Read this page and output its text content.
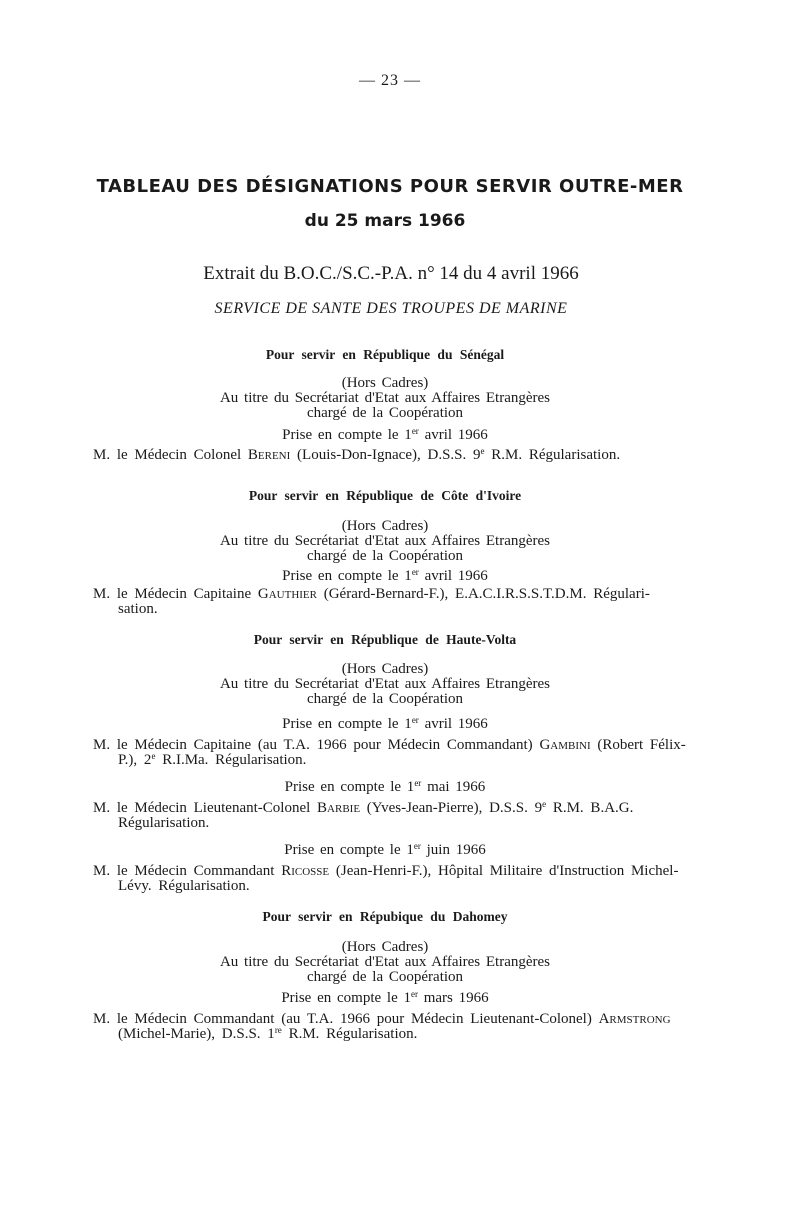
— 23 —
TABLEAU DES DÉSIGNATIONS POUR SERVIR OUTRE-MER
du 25 mars 1966
Extrait du B.O.C./S.C.-P.A. n° 14 du 4 avril 1966
SERVICE DE SANTE DES TROUPES DE MARINE

Pour servir en République du Sénégal

(Hors Cadres)

Au titre du Secrétariat d'Etat aux Affaires Etrangères

chargé de la Coopération

Prise en compte le 1er avril 1966

M. le Médecin Colonel Bereni (Louis-Don-Ignace), D.S.S. 9e R.M. Régularisation.

Pour servir en République de Côte d'Ivoire

(Hors Cadres)

Au titre du Secrétariat d'Etat aux Affaires Etrangères

chargé de la Coopération

Prise en compte le 1er avril 1966

M. le Médecin Capitaine Gauthier (Gérard-Bernard-F.), E.A.C.I.R.S.S.T.D.M. Régulari-sation.

Pour servir en République de Haute-Volta

(Hors Cadres)

Au titre du Secrétariat d'Etat aux Affaires Etrangères

chargé de la Coopération

Prise en compte le 1er avril 1966

M. le Médecin Capitaine (au T.A. 1966 pour Médecin Commandant) Gambini (Robert Félix-P.), 2e R.I.Ma. Régularisation.

Prise en compte le 1er mai 1966

M. le Médecin Lieutenant-Colonel Barbie (Yves-Jean-Pierre), D.S.S. 9e R.M. B.A.G. Régularisation.

Prise en compte le 1er juin 1966

M. le Médecin Commandant Ricosse (Jean-Henri-F.), Hôpital Militaire d'Instruction Michel-Lévy. Régularisation.

Pour servir en Répubique du Dahomey

(Hors Cadres)

Au titre du Secrétariat d'Etat aux Affaires Etrangères

chargé de la Coopération

Prise en compte le 1er mars 1966

M. le Médecin Commandant (au T.A. 1966 pour Médecin Lieutenant-Colonel) Armstrong (Michel-Marie), D.S.S. 1re R.M. Régularisation.
